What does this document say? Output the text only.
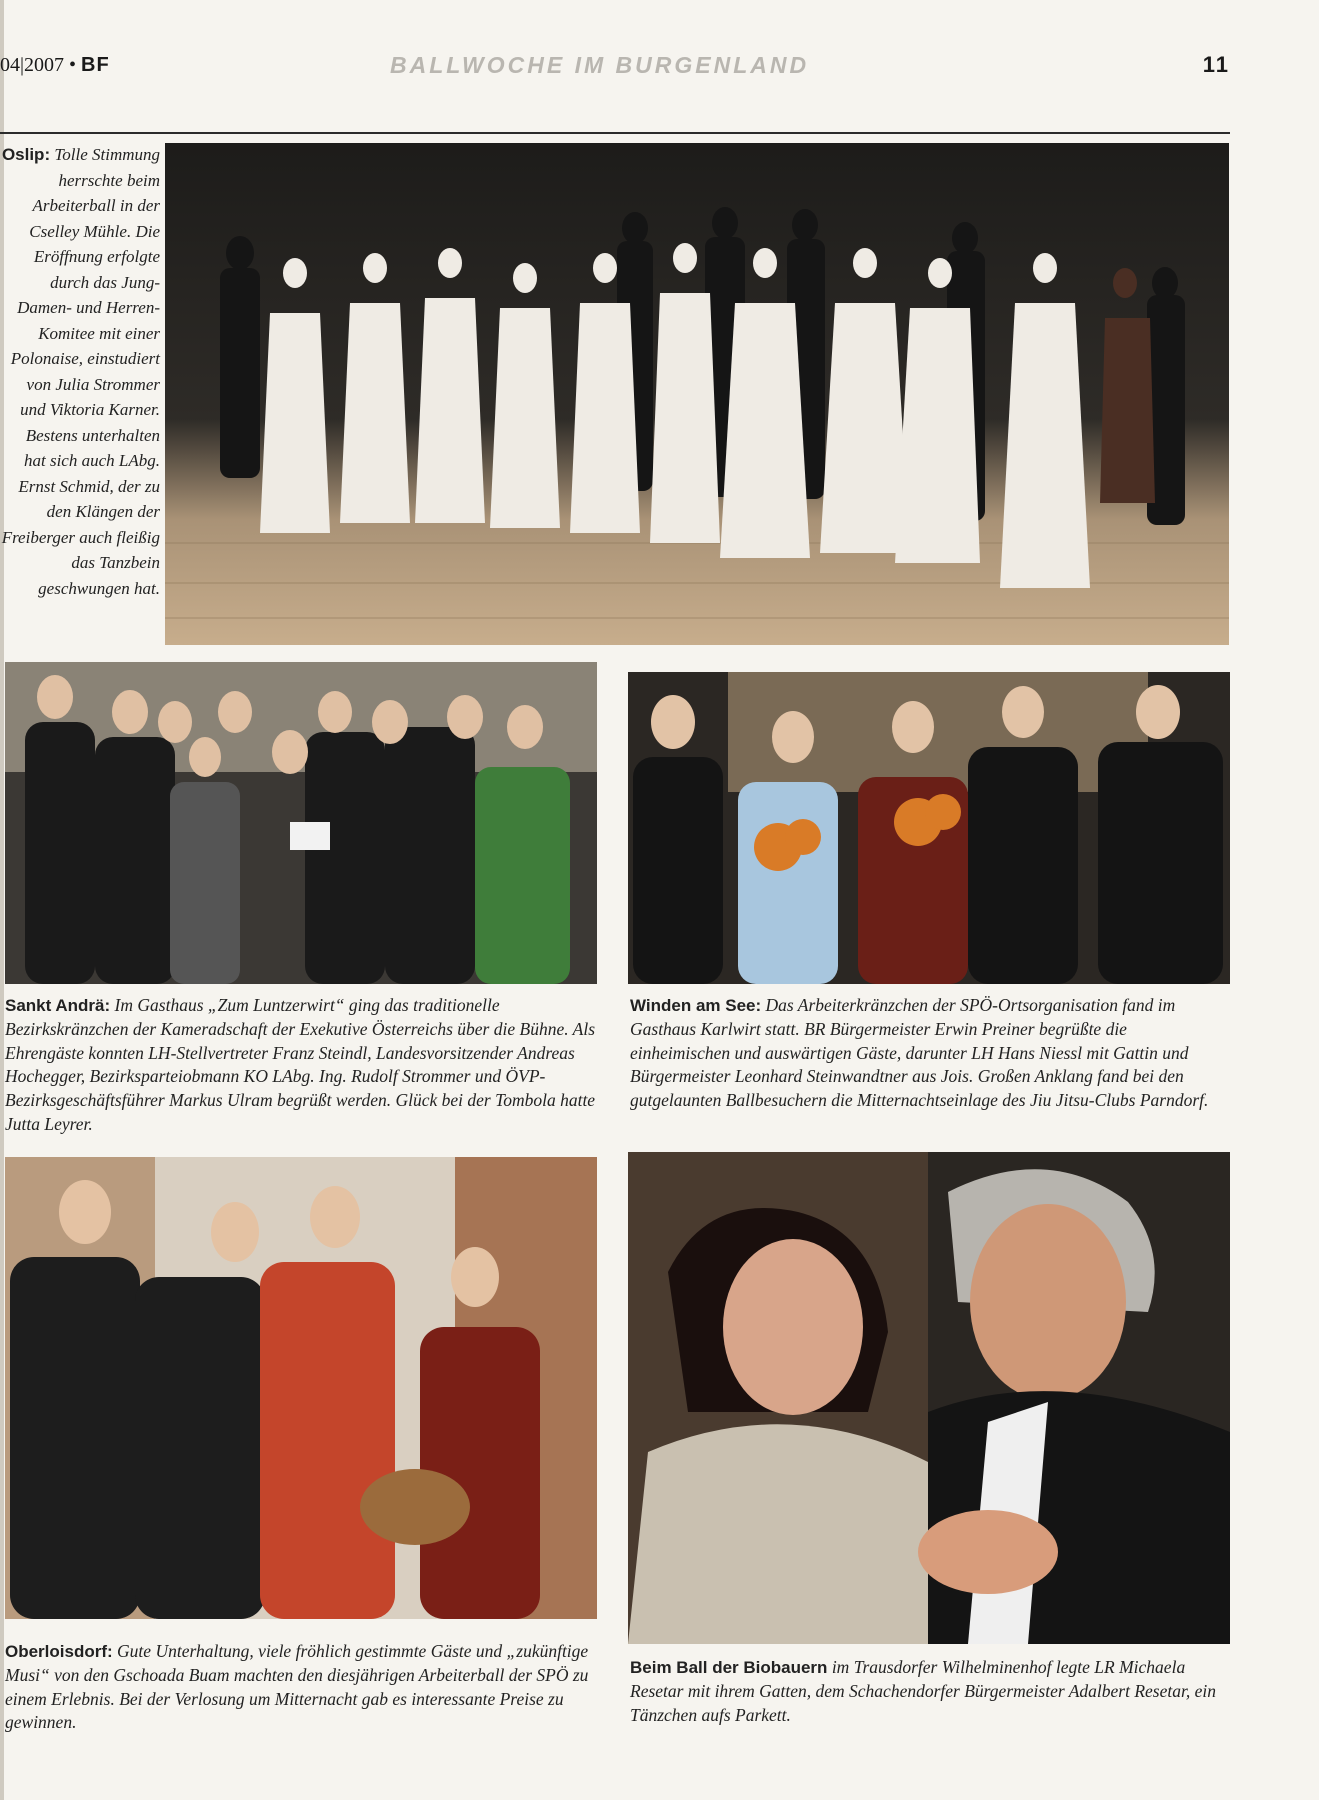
04|2007 • BF	BALLWOCHE IM BURGENLAND	11
Oslip: Tolle Stimmung herrschte beim Arbeiterball in der Cselley Mühle. Die Eröffnung erfolgte durch das Jung-Damen- und Herren-Komitee mit einer Polonaise, einstudiert von Julia Strommer und Viktoria Karner. Bestens unterhalten hat sich auch LAbg. Ernst Schmid, der zu den Klängen der Freiberger auch fleißig das Tanzbein geschwungen hat.
Sankt Andrä: Im Gasthaus „Zum Luntzerwirt“ ging das traditionelle Bezirkskränzchen der Kameradschaft der Exekutive Österreichs über die Bühne. Als Ehrengäste konnten LH-Stellvertreter Franz Steindl, Landesvorsitzender Andreas Hochegger, Bezirksparteiobmann KO LAbg. Ing. Rudolf Strommer und ÖVP-Bezirksgeschäftsführer Markus Ulram begrüßt werden. Glück bei der Tombola hatte Jutta Leyrer.
Winden am See: Das Arbeiterkränzchen der SPÖ-Ortsorganisation fand im Gasthaus Karlwirt statt. BR Bürgermeister Erwin Preiner begrüßte die einheimischen und auswärtigen Gäste, darunter LH Hans Niessl mit Gattin und Bürgermeister Leonhard Steinwandtner aus Jois. Großen Anklang fand bei den gutgelaunten Ballbesuchern die Mitternachtseinlage des Jiu Jitsu-Clubs Parndorf.
Oberloisdorf: Gute Unterhaltung, viele fröhlich gestimmte Gäste und „zukünftige Musi“ von den Gschoada Buam machten den diesjährigen Arbeiterball der SPÖ zu einem Erlebnis. Bei der Verlosung um Mitternacht gab es interessante Preise zu gewinnen.
Beim Ball der Biobauern im Trausdorfer Wilhelminenhof legte LR Michaela Resetar mit ihrem Gatten, dem Schachendorfer Bürgermeister Adalbert Resetar, ein Tänzchen aufs Parkett.
